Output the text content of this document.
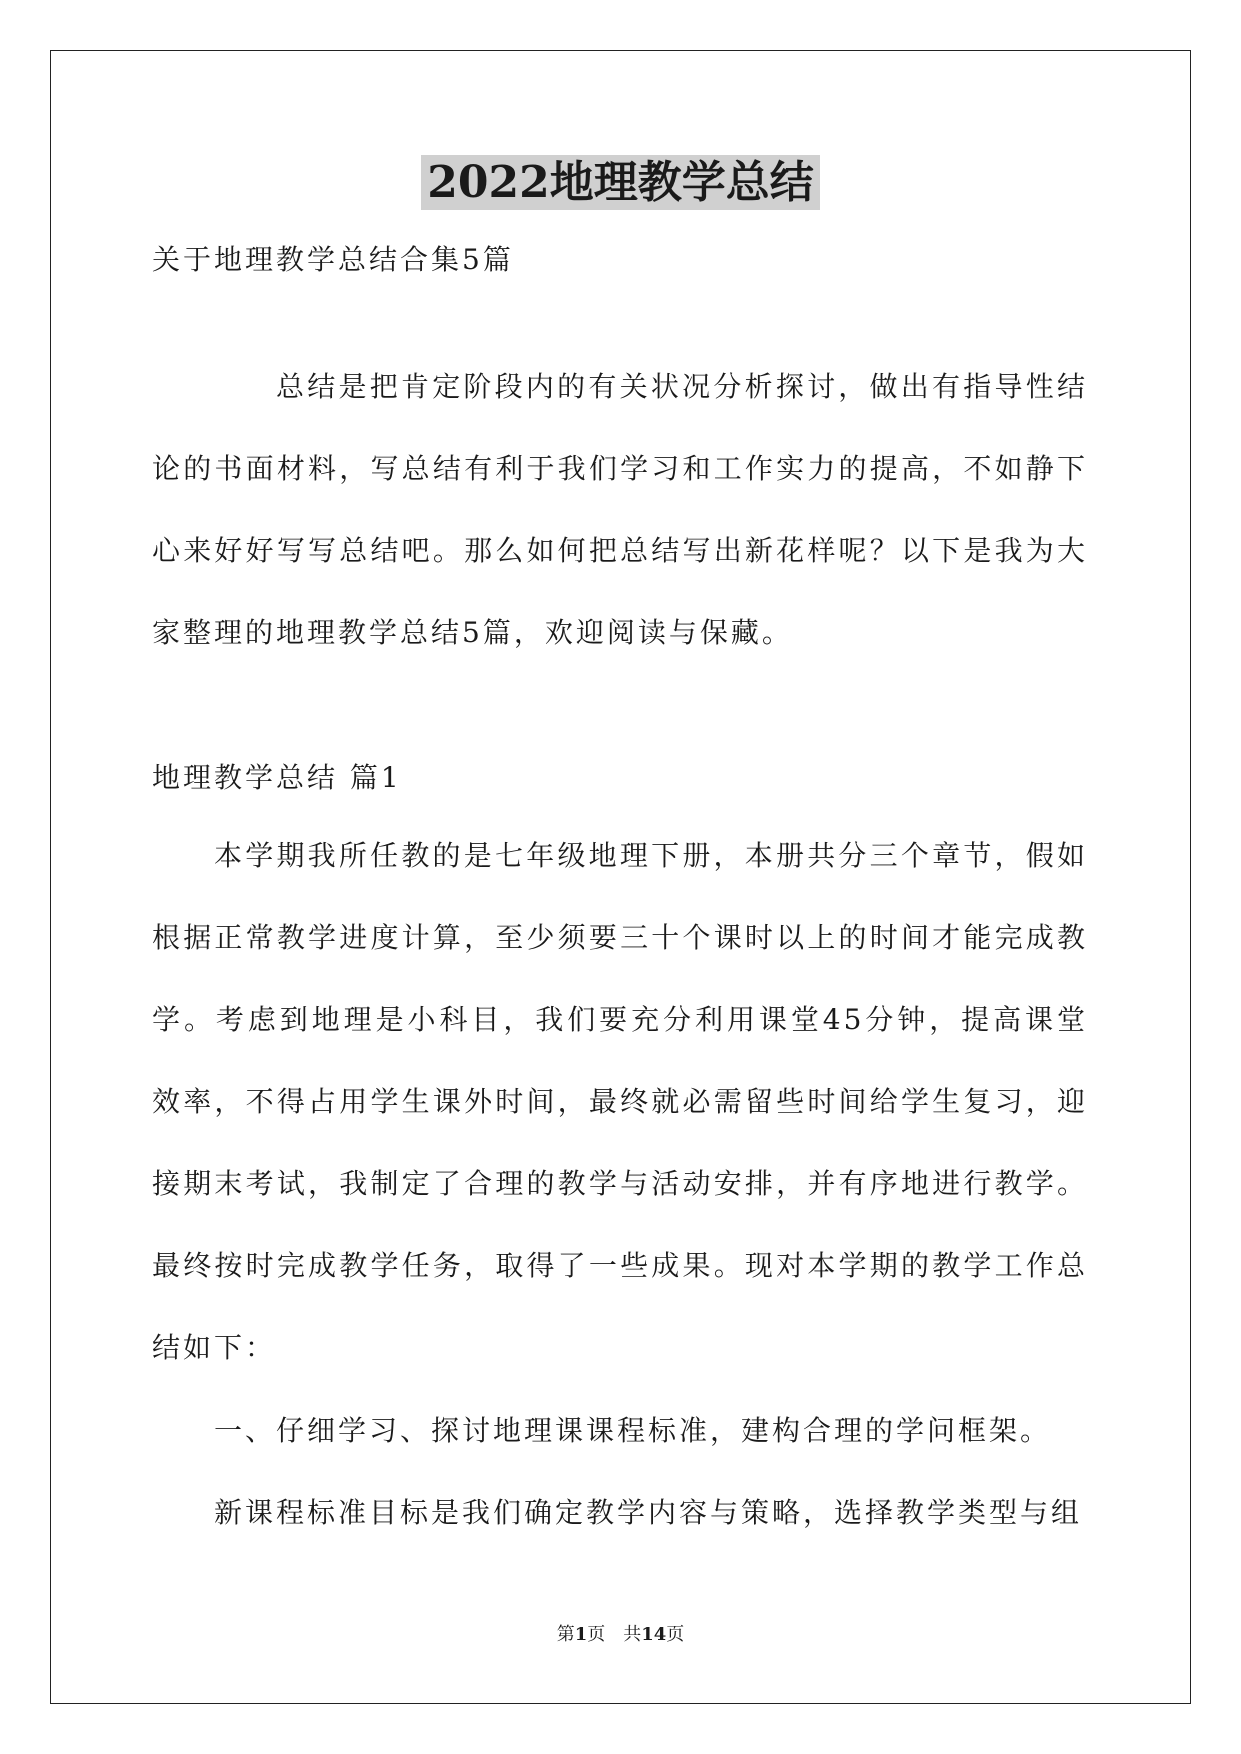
2022地理教学总结
关于地理教学总结合集5篇

总结是把肯定阶段内的有关状况分析探讨，做出有指导性结论的书面材料，写总结有利于我们学习和工作实力的提高，不如静下心来好好写写总结吧。那么如何把总结写出新花样呢？以下是我为大家整理的地理教学总结5篇，欢迎阅读与保藏。

地理教学总结 篇1

本学期我所任教的是七年级地理下册，本册共分三个章节，假如根据正常教学进度计算，至少须要三十个课时以上的时间才能完成教学。考虑到地理是小科目，我们要充分利用课堂45分钟，提高课堂效率，不得占用学生课外时间，最终就必需留些时间给学生复习，迎接期末考试，我制定了合理的教学与活动安排，并有序地进行教学。最终按时完成教学任务，取得了一些成果。现对本学期的教学工作总结如下：

一、仔细学习、探讨地理课课程标准，建构合理的学问框架。

新课程标准目标是我们确定教学内容与策略，选择教学类型与组

第1页 共14页
